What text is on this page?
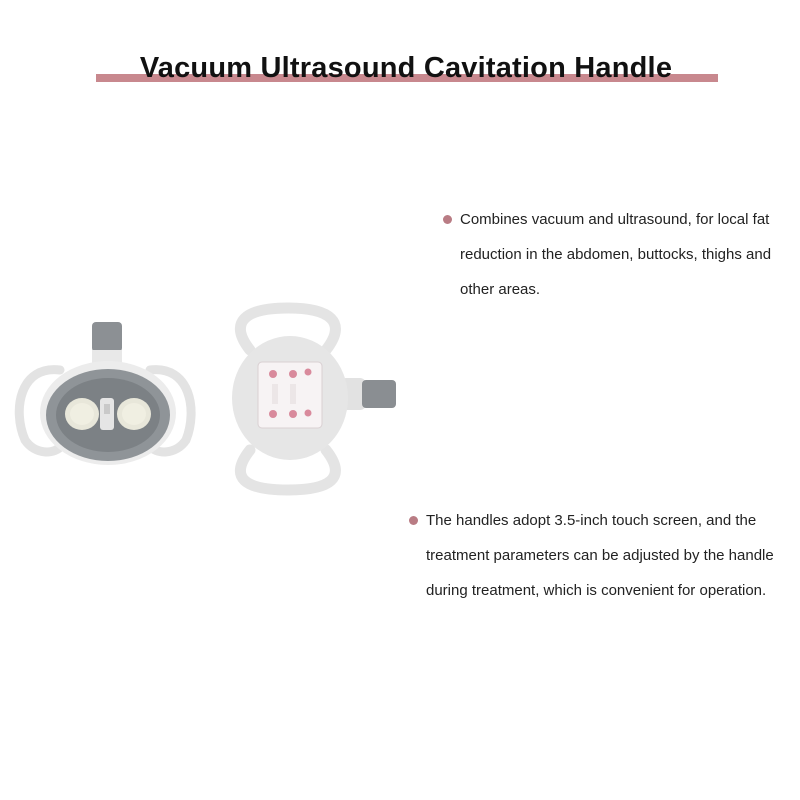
Vacuum Ultrasound Cavitation Handle
Combines vacuum and ultrasound, for local fat reduction in the abdomen, buttocks, thighs and other areas.
The handles adopt 3.5-inch touch screen, and the treatment parameters can be adjusted by the handle during treatment, which is convenient for operation.
